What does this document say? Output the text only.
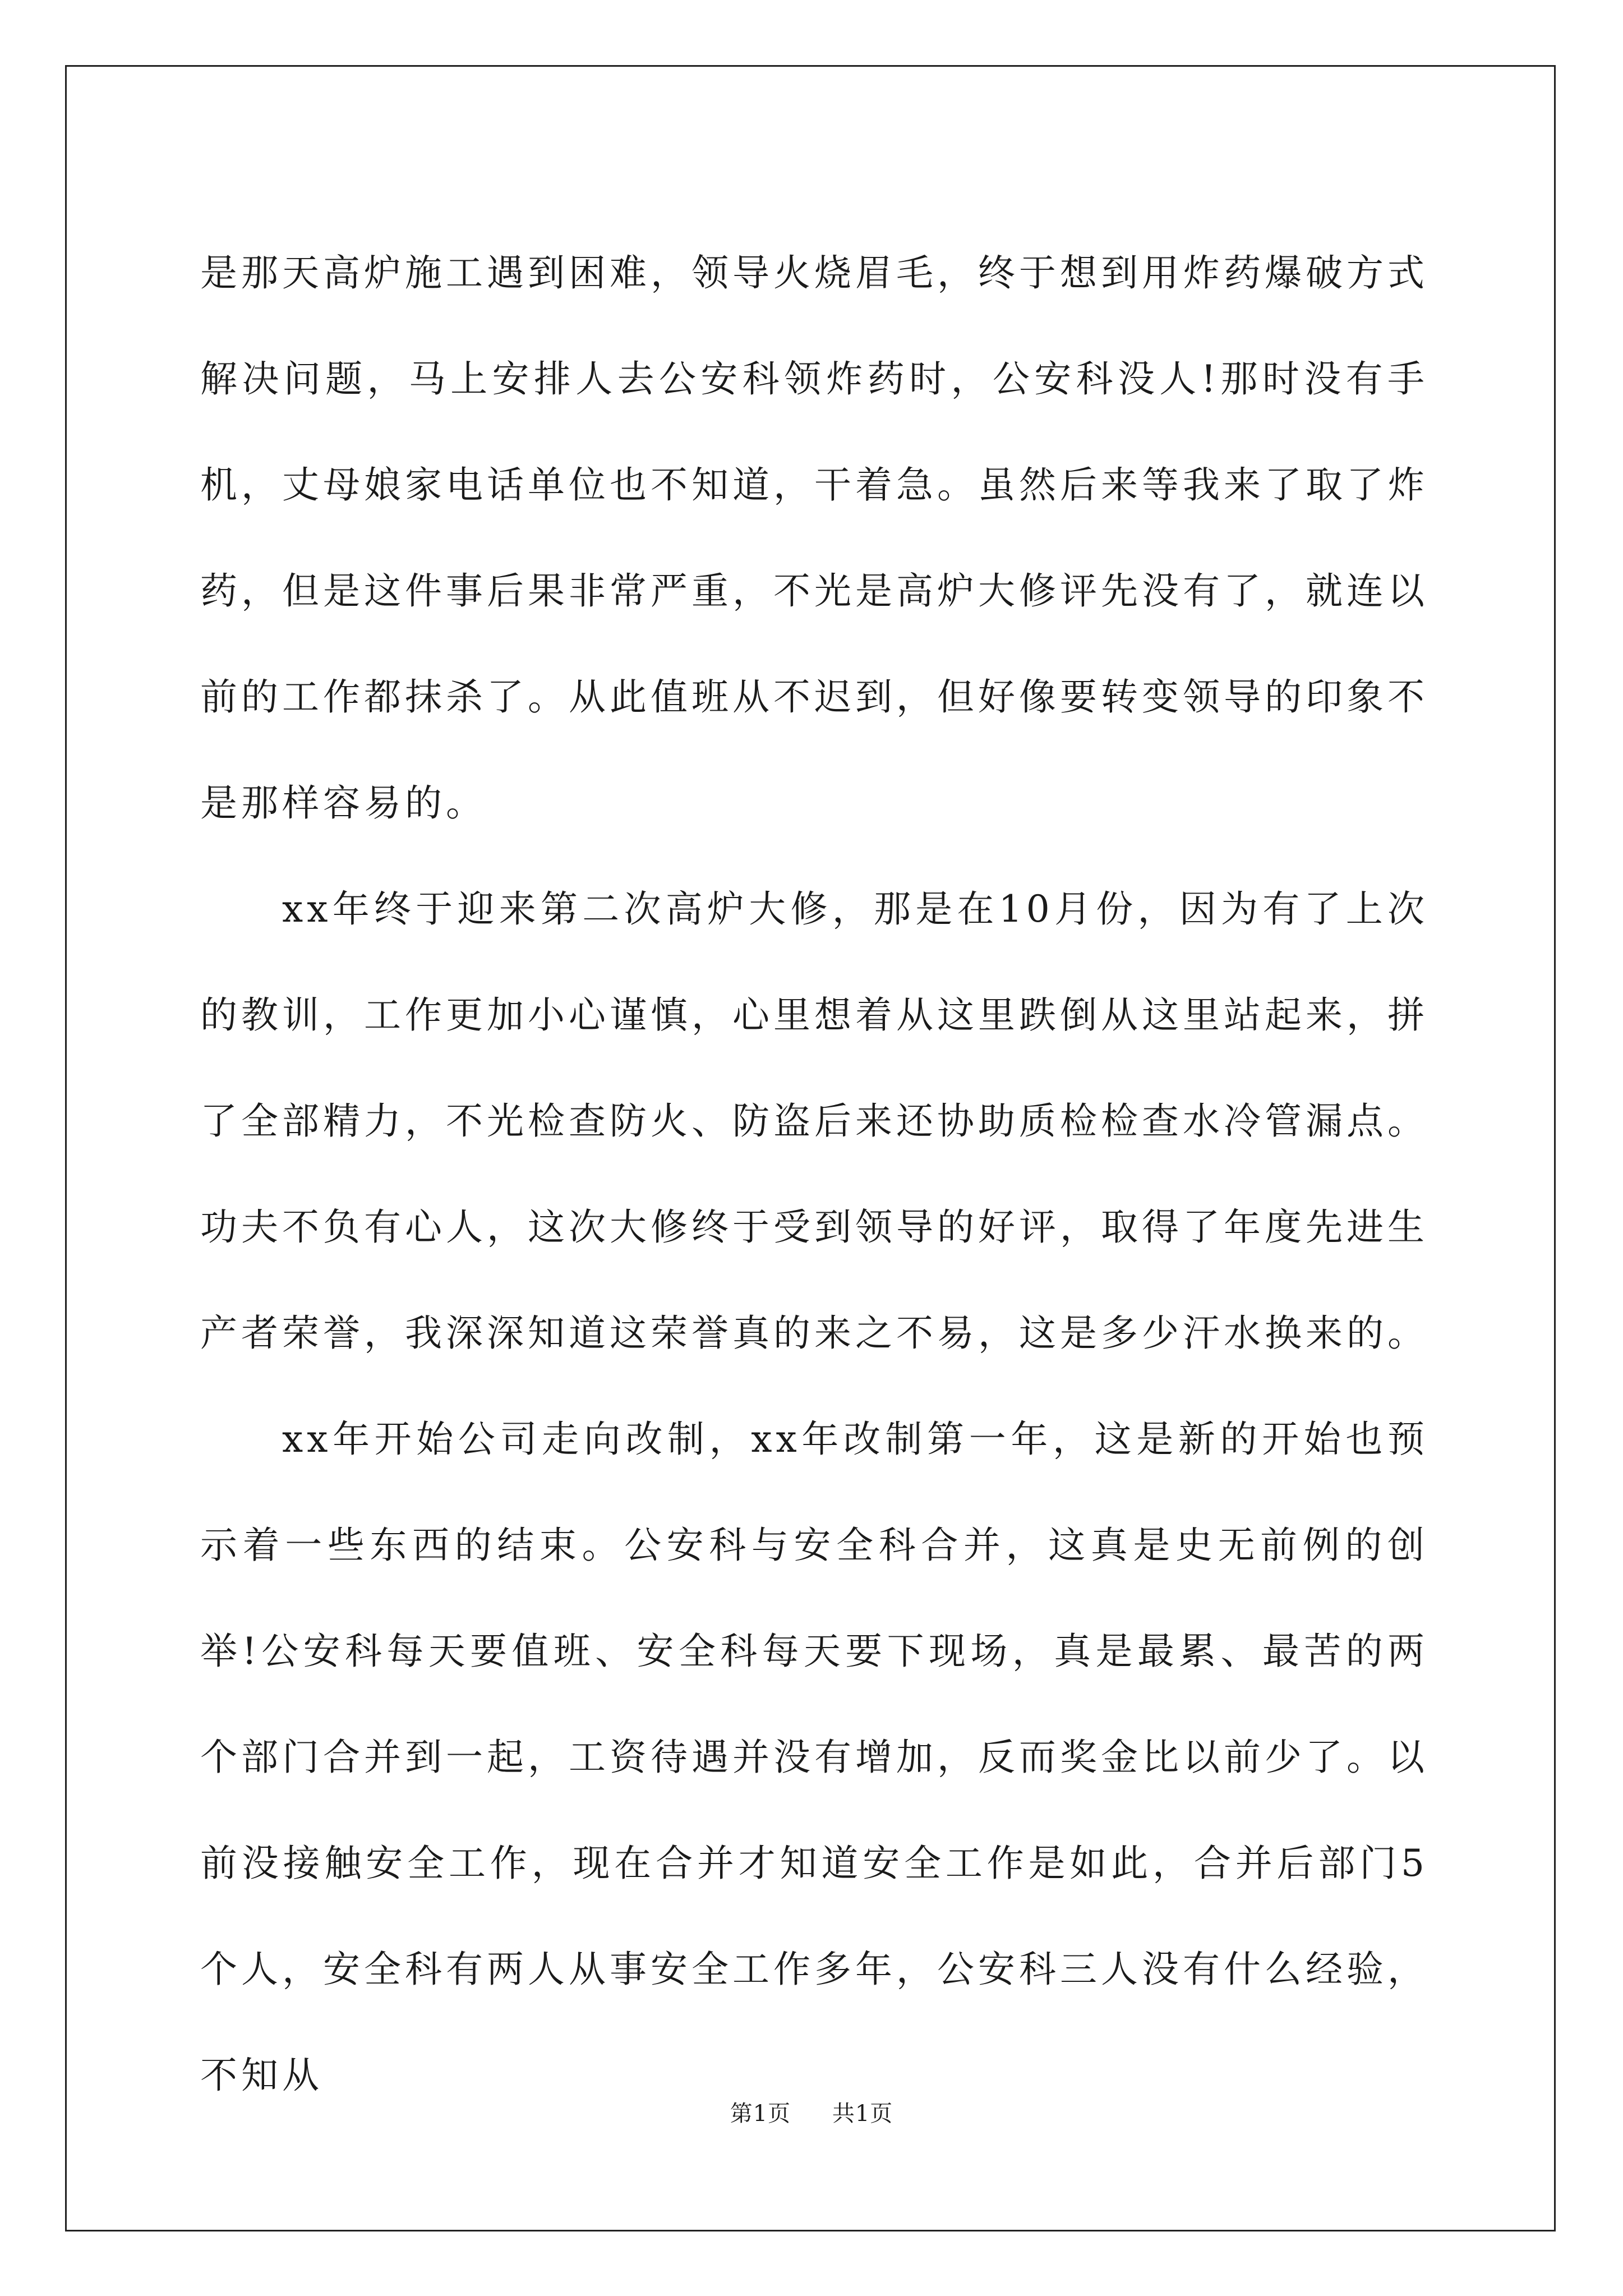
是那天高炉施工遇到困难，领导火烧眉毛，终于想到用炸药爆破方式解决问题，马上安排人去公安科领炸药时，公安科没人!那时没有手机，丈母娘家电话单位也不知道，干着急。虽然后来等我来了取了炸药，但是这件事后果非常严重，不光是高炉大修评先没有了，就连以前的工作都抹杀了。从此值班从不迟到，但好像要转变领导的印象不是那样容易的。

xx年终于迎来第二次高炉大修，那是在10月份，因为有了上次的教训，工作更加小心谨慎，心里想着从这里跌倒从这里站起来，拼了全部精力，不光检查防火、防盗后来还协助质检检查水冷管漏点。功夫不负有心人，这次大修终于受到领导的好评，取得了年度先进生产者荣誉，我深深知道这荣誉真的来之不易，这是多少汗水换来的。

xx年开始公司走向改制，xx年改制第一年，这是新的开始也预示着一些东西的结束。公安科与安全科合并，这真是史无前例的创举!公安科每天要值班、安全科每天要下现场，真是最累、最苦的两个部门合并到一起，工资待遇并没有增加，反而奖金比以前少了。以前没接触安全工作，现在合并才知道安全工作是如此，合并后部门5个人，安全科有两人从事安全工作多年，公安科三人没有什么经验，不知从

第1页 共1页
